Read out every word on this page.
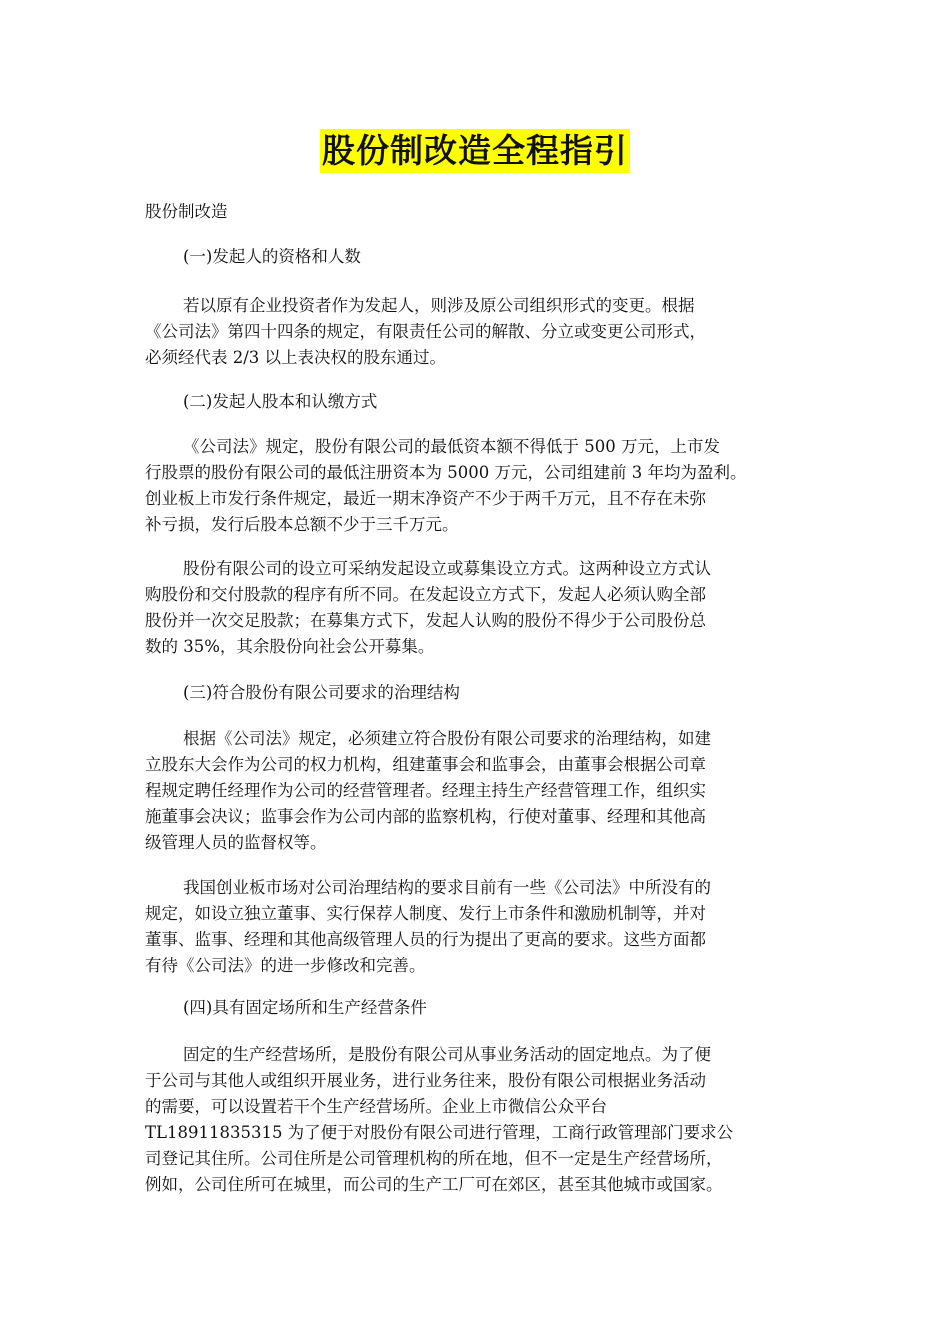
股份制改造全程指引
股份制改造
(一)发起人的资格和人数
若以原有企业投资者作为发起人，则涉及原公司组织形式的变更。根据
《公司法》第四十四条的规定，有限责任公司的解散、分立或变更公司形式，
必须经代表 2/3 以上表决权的股东通过。
(二)发起人股本和认缴方式
《公司法》规定，股份有限公司的最低资本额不得低于 500 万元，上市发
行股票的股份有限公司的最低注册资本为 5000 万元，公司组建前 3 年均为盈利。
创业板上市发行条件规定，最近一期末净资产不少于两千万元，且不存在未弥
补亏损，发行后股本总额不少于三千万元。
股份有限公司的设立可采纳发起设立或募集设立方式。这两种设立方式认
购股份和交付股款的程序有所不同。在发起设立方式下，发起人必须认购全部
股份并一次交足股款；在募集方式下，发起人认购的股份不得少于公司股份总
数的 35%，其余股份向社会公开募集。
(三)符合股份有限公司要求的治理结构
根据《公司法》规定，必须建立符合股份有限公司要求的治理结构，如建
立股东大会作为公司的权力机构，组建董事会和监事会，由董事会根据公司章
程规定聘任经理作为公司的经营管理者。经理主持生产经营管理工作，组织实
施董事会决议；监事会作为公司内部的监察机构，行使对董事、经理和其他高
级管理人员的监督权等。
我国创业板市场对公司治理结构的要求目前有一些《公司法》中所没有的
规定，如设立独立董事、实行保荐人制度、发行上市条件和激励机制等，并对
董事、监事、经理和其他高级管理人员的行为提出了更高的要求。这些方面都
有待《公司法》的进一步修改和完善。
(四)具有固定场所和生产经营条件
固定的生产经营场所，是股份有限公司从事业务活动的固定地点。为了便
于公司与其他人或组织开展业务，进行业务往来，股份有限公司根据业务活动
的需要，可以设置若干个生产经营场所。企业上市微信公众平台
TL18911835315 为了便于对股份有限公司进行管理，工商行政管理部门要求公
司登记其住所。公司住所是公司管理机构的所在地，但不一定是生产经营场所，
例如，公司住所可在城里，而公司的生产工厂可在郊区，甚至其他城市或国家。
